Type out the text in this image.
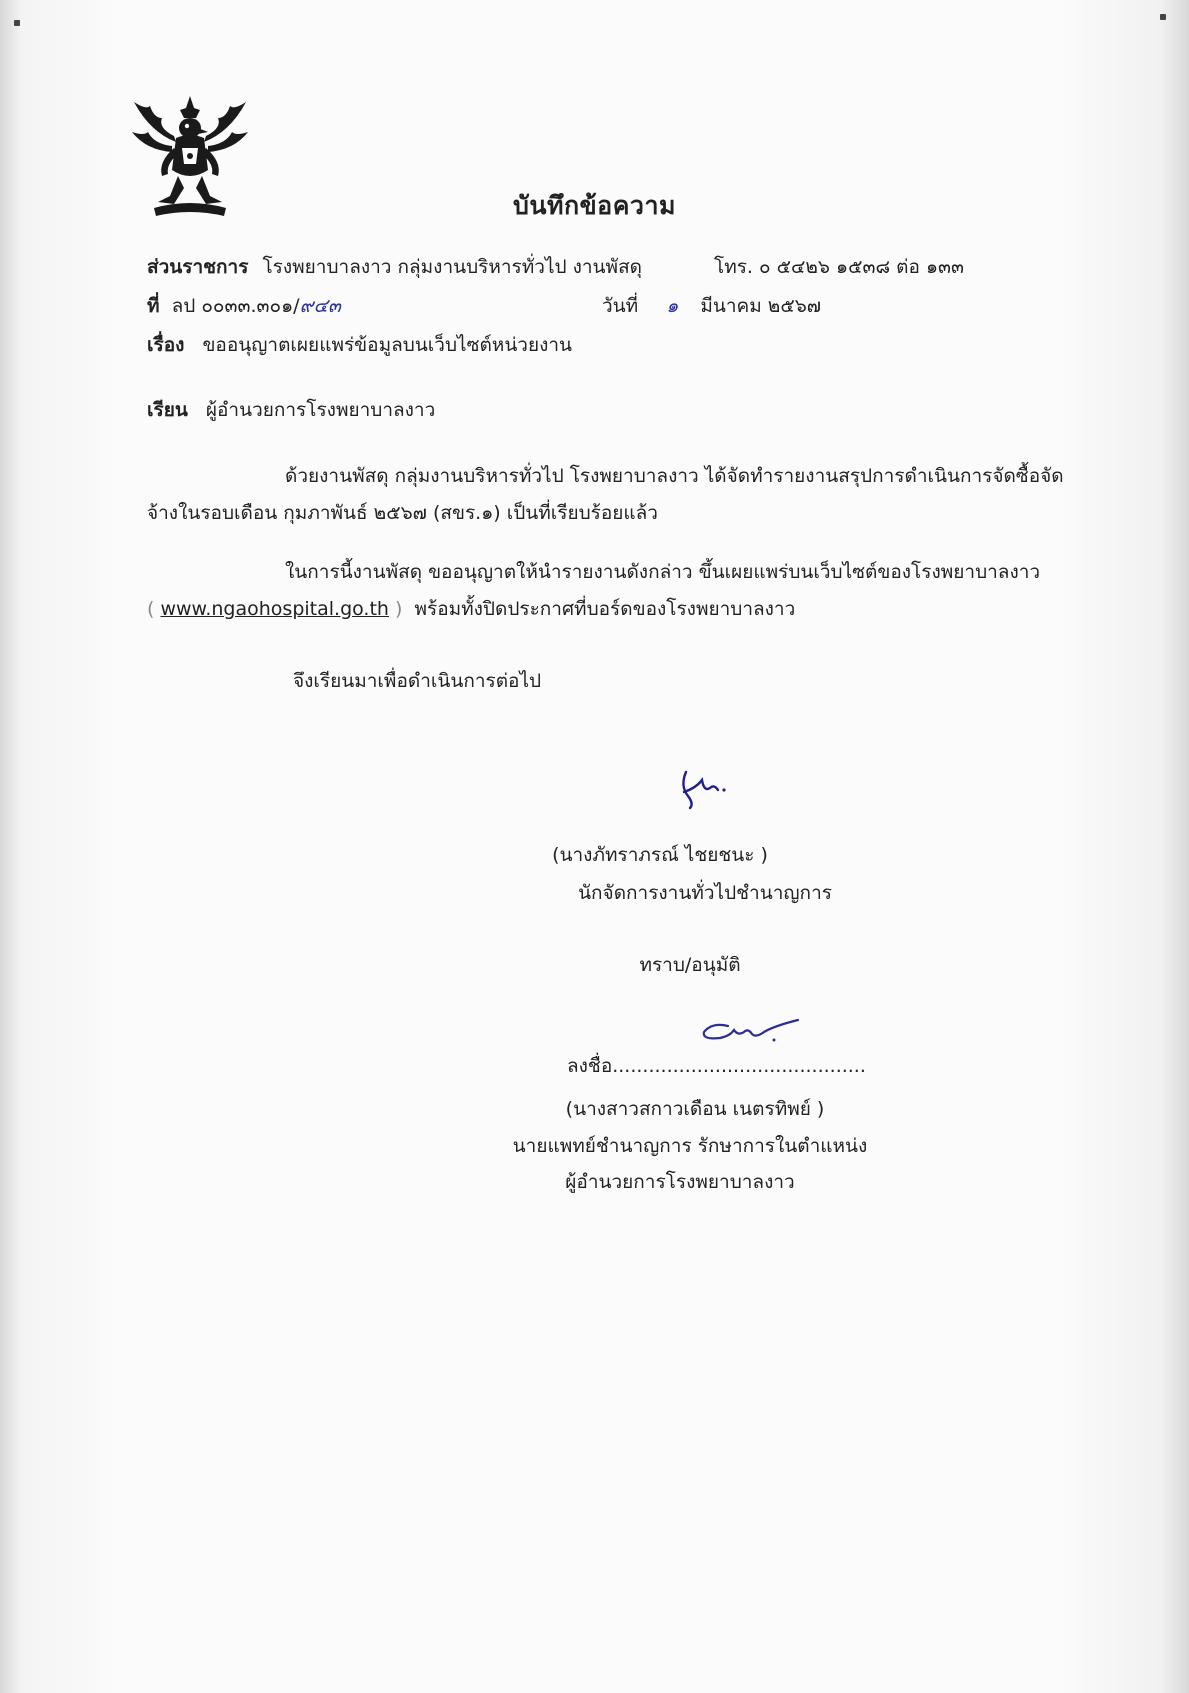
บันทึกข้อความ
ส่วนราชการ โรงพยาบาลงาว กลุ่มงานบริหารทั่วไป งานพัสดุ	โทร. ๐ ๕๔๒๖ ๑๕๓๘ ต่อ ๑๓๓
ที่ ลป ๐๐๓๓.๓๐๑/๙๔๓	วันที่ ๑ มีนาคม ๒๕๖๗
เรื่อง ขออนุญาตเผยแพร่ข้อมูลบนเว็บไซต์หน่วยงาน
เรียน ผู้อำนวยการโรงพยาบาลงาว
ด้วยงานพัสดุ กลุ่มงานบริหารทั่วไป โรงพยาบาลงาว ได้จัดทำรายงานสรุปการดำเนินการจัดซื้อจัดจ้างในรอบเดือน กุมภาพันธ์ ๒๕๖๗ (สขร.๑) เป็นที่เรียบร้อยแล้ว
ในการนี้งานพัสดุ ขออนุญาตให้นำรายงานดังกล่าว ขึ้นเผยแพร่บนเว็บไซต์ของโรงพยาบาลงาว
( www.ngaohospital.go.th ) พร้อมทั้งปิดประกาศที่บอร์ดของโรงพยาบาลงาว
จึงเรียนมาเพื่อดำเนินการต่อไป
(นางภัทราภรณ์ ไชยชนะ )
นักจัดการงานทั่วไปชำนาญการ
ทราบ/อนุมัติ
ลงชื่อ..........................................
(นางสาวสกาวเดือน เนตรทิพย์ )
นายแพทย์ชำนาญการ รักษาการในตำแหน่ง
ผู้อำนวยการโรงพยาบาลงาว
